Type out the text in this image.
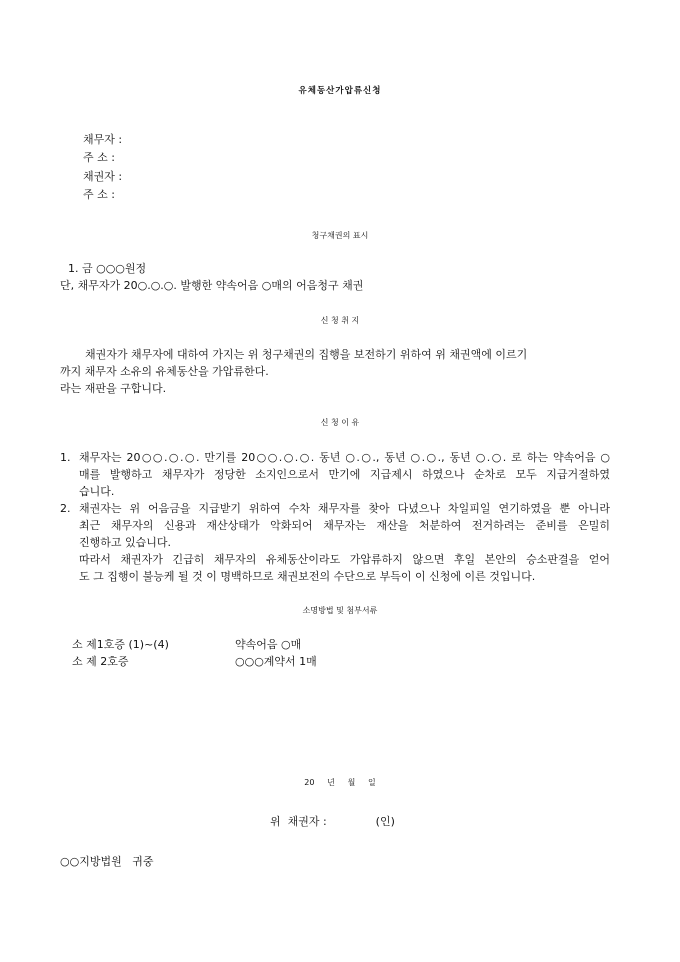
유체동산가압류신청
채무자 :
주 소 :
채권자 :
주 소 :
청구채권의 표시
1. 금 ○○○원정
단, 채무자가 20○.○.○. 발행한 약속어음 ○매의 어음청구 채권
신 청 취 지
채권자가 채무자에 대하여 가지는 위 청구채권의 집행을 보전하기 위하여 위 채권액에 이르기
까지 채무자 소유의 유체동산을 가압류한다.
라는 재판을 구합니다.
신 청 이 유
1. 채무자는 20○○.○.○. 만기를 20○○.○.○. 동년 ○.○., 동년 ○.○., 동년 ○.○. 로 하는 약속어음 ○
매를 발행하고 채무자가 정당한 소지인으로서 만기에 지급제시 하였으나 순차로 모두 지급거절하였
습니다.
2. 채권자는 위 어음금을 지급받기 위하여 수차 채무자를 찾아 다녔으나 차일피일 연기하였을 뿐 아니라
최근 채무자의 신용과 재산상태가 악화되어 채무자는 재산을 처분하여 전거하려는 준비를 은밀히
진행하고 있습니다.
따라서 채권자가 긴급히 채무자의 유체동산이라도 가압류하지 않으면 후일 본안의 승소판결을 얻어
도 그 집행이 불능케 될 것 이 명백하므로 채권보전의 수단으로 부득이 이 신청에 이른 것입니다.
소명방법 및 첨부서류
소 제1호증 (1)~(4)	약속어음 ○매
소 제 2호증	○○○계약서 1매
20     년     월     일
위  채권자 :              (인)
○○지방법원   귀중
